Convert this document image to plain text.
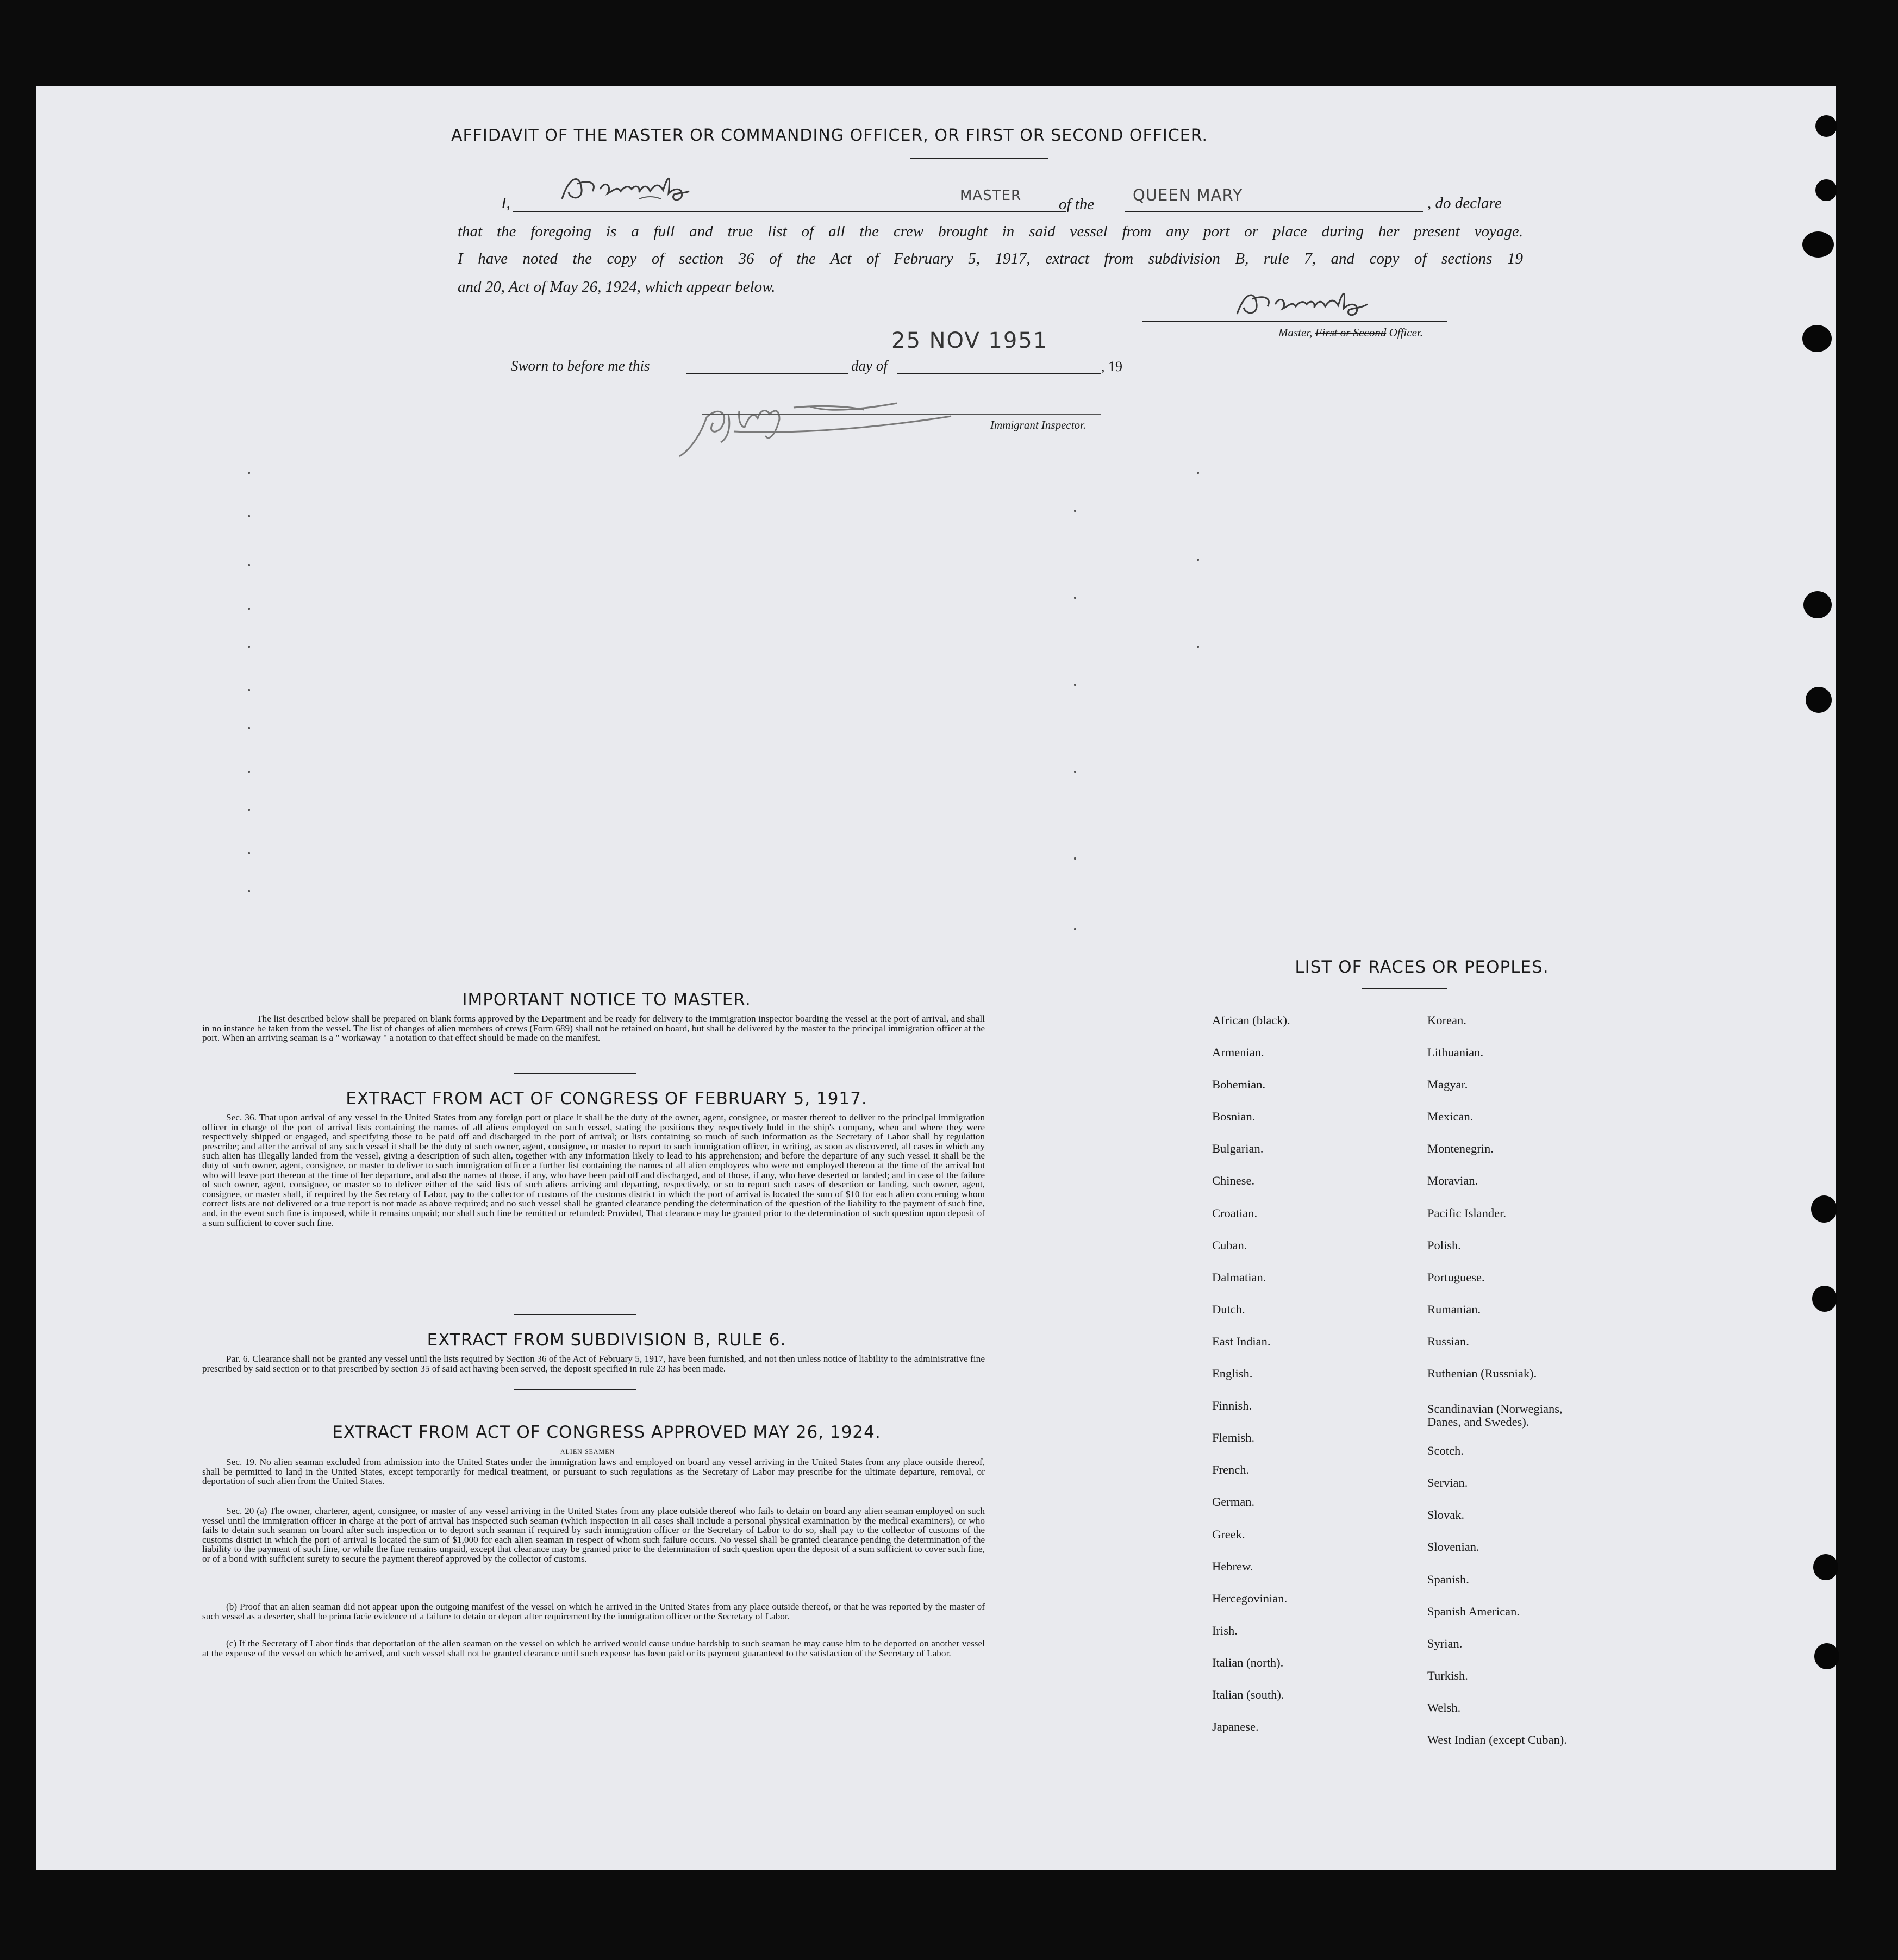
AFFIDAVIT OF THE MASTER OR COMMANDING OFFICER, OR FIRST OR SECOND OFFICER.
I,	MASTER of the QUEEN MARY	, do declare
that the foregoing is a full and true list of all the crew brought in said vessel from any port or place during her present voyage.
I have noted the copy of section 36 of the Act of February 5, 1917, extract from subdivision B, rule 7, and copy of sections 19
and 20, Act of May 26, 1924, which appear below.
Master, First or Second Officer.
25 NOV 1951
Sworn to before me this	day of	, 19
Immigrant Inspector.
IMPORTANT NOTICE TO MASTER.

The list described below shall be prepared on blank forms approved by the Department and be ready for delivery to the immigration inspector boarding the vessel at the port of arrival, and shall in no instance be taken from the vessel. The list of changes of alien members of crews (Form 689) shall not be retained on board, but shall be delivered by the master to the principal immigration officer at the port. When an arriving seaman is a " workaway " a notation to that effect should be made on the manifest.

EXTRACT FROM ACT OF CONGRESS OF FEBRUARY 5, 1917.

Sec. 36. That upon arrival of any vessel in the United States from any foreign port or place it shall be the duty of the owner, agent, consignee, or master thereof to deliver to the principal immigration officer in charge of the port of arrival lists containing the names of all aliens employed on such vessel, stating the positions they respectively hold in the ship's company, when and where they were respectively shipped or engaged, and specifying those to be paid off and discharged in the port of arrival; or lists containing so much of such information as the Secretary of Labor shall by regulation prescribe; and after the arrival of any such vessel it shall be the duty of such owner, agent, consignee, or master to report to such immigration officer, in writing, as soon as discovered, all cases in which any such alien has illegally landed from the vessel, giving a description of such alien, together with any information likely to lead to his apprehension; and before the departure of any such vessel it shall be the duty of such owner, agent, consignee, or master to deliver to such immigration officer a further list containing the names of all alien employees who were not employed thereon at the time of the arrival but who will leave port thereon at the time of her departure, and also the names of those, if any, who have been paid off and discharged, and of those, if any, who have deserted or landed; and in case of the failure of such owner, agent, consignee, or master so to deliver either of the said lists of such aliens arriving and departing, respectively, or so to report such cases of desertion or landing, such owner, agent, consignee, or master shall, if required by the Secretary of Labor, pay to the collector of customs of the customs district in which the port of arrival is located the sum of $10 for each alien concerning whom correct lists are not delivered or a true report is not made as above required; and no such vessel shall be granted clearance pending the determination of the question of the liability to the payment of such fine, and, in the event such fine is imposed, while it remains unpaid; nor shall such fine be remitted or refunded: Provided, That clearance may be granted prior to the determination of such question upon deposit of a sum sufficient to cover such fine.

EXTRACT FROM SUBDIVISION B, RULE 6.

Par. 6. Clearance shall not be granted any vessel until the lists required by Section 36 of the Act of February 5, 1917, have been furnished, and not then unless notice of liability to the administrative fine prescribed by said section or to that prescribed by section 35 of said act having been served, the deposit specified in rule 23 has been made.

EXTRACT FROM ACT OF CONGRESS APPROVED MAY 26, 1924.
ALIEN SEAMEN

Sec. 19. No alien seaman excluded from admission into the United States under the immigration laws and employed on board any vessel arriving in the United States from any place outside thereof, shall be permitted to land in the United States, except temporarily for medical treatment, or pursuant to such regulations as the Secretary of Labor may prescribe for the ultimate departure, removal, or deportation of such alien from the United States.

Sec. 20 (a) The owner, charterer, agent, consignee, or master of any vessel arriving in the United States from any place outside thereof who fails to detain on board any alien seaman employed on such vessel until the immigration officer in charge at the port of arrival has inspected such seaman (which inspection in all cases shall include a personal physical examination by the medical examiners), or who fails to detain such seaman on board after such inspection or to deport such seaman if required by such immigration officer or the Secretary of Labor to do so, shall pay to the collector of customs of the customs district in which the port of arrival is located the sum of $1,000 for each alien seaman in respect of whom such failure occurs. No vessel shall be granted clearance pending the determination of the liability to the payment of such fine, or while the fine remains unpaid, except that clearance may be granted prior to the determination of such question upon the deposit of a sum sufficient to cover such fine, or of a bond with sufficient surety to secure the payment thereof approved by the collector of customs.

(b) Proof that an alien seaman did not appear upon the outgoing manifest of the vessel on which he arrived in the United States from any place outside thereof, or that he was reported by the master of such vessel as a deserter, shall be prima facie evidence of a failure to detain or deport after requirement by the immigration officer or the Secretary of Labor.

(c) If the Secretary of Labor finds that deportation of the alien seaman on the vessel on which he arrived would cause undue hardship to such seaman he may cause him to be deported on another vessel at the expense of the vessel on which he arrived, and such vessel shall not be granted clearance until such expense has been paid or its payment guaranteed to the satisfaction of the Secretary of Labor.

LIST OF RACES OR PEOPLES.
African (black).
Armenian.
Bohemian.
Bosnian.
Bulgarian.
Chinese.
Croatian.
Cuban.
Dalmatian.
Dutch.
East Indian.
English.
Finnish.
Flemish.
French.
German.
Greek.
Hebrew.
Hercegovinian.
Irish.
Italian (north).
Italian (south).
Japanese.
Korean.
Lithuanian.
Magyar.
Mexican.
Montenegrin.
Moravian.
Pacific Islander.
Polish.
Portuguese.
Rumanian.
Russian.
Ruthenian (Russniak).
Scandinavian (Norwegians,
Danes, and Swedes).
Scotch.
Servian.
Slovak.
Slovenian.
Spanish.
Spanish American.
Syrian.
Turkish.
Welsh.
West Indian (except Cuban).
